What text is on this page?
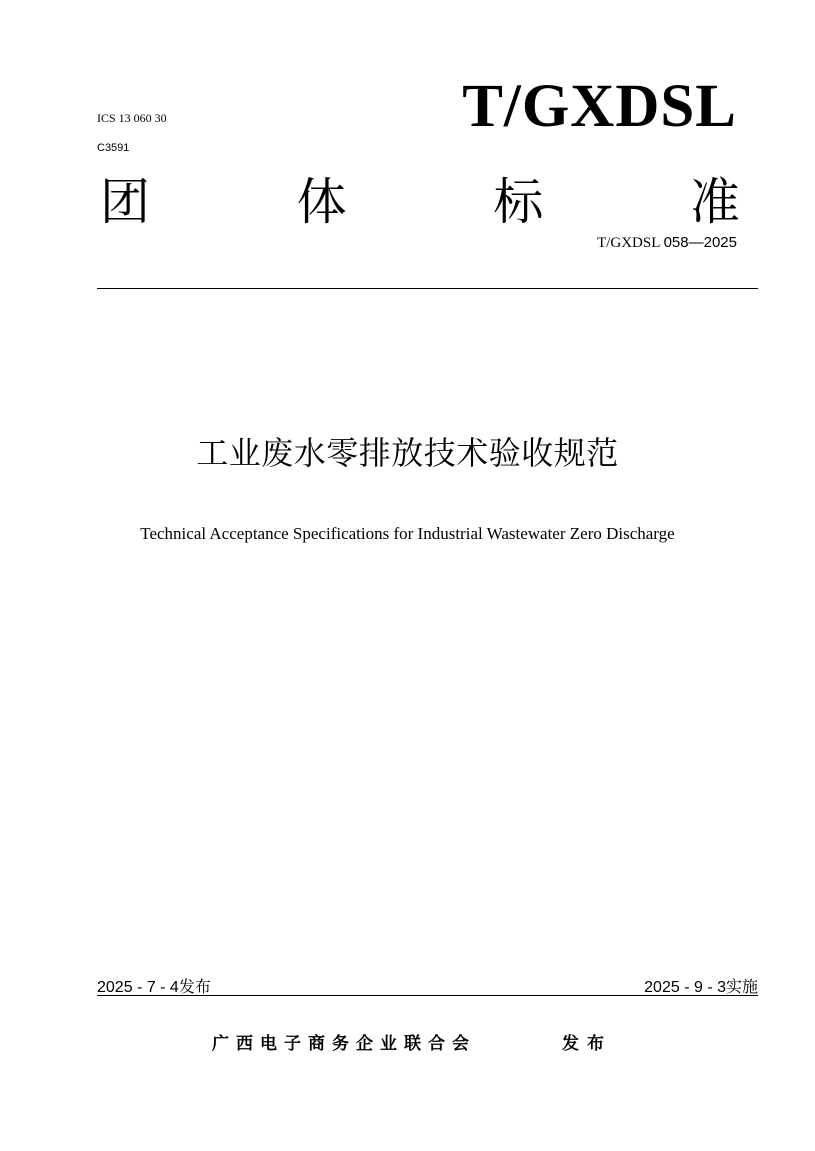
ICS 13 060 30
C3591
T/GXDSL
团	体	标	准
T/GXDSL 058—2025
工业废水零排放技术验收规范
Technical Acceptance Specifications for Industrial Wastewater Zero Discharge
2025 - 7 - 4发布	2025 - 9 - 3实施
广西电子商务企业联合会	发布
